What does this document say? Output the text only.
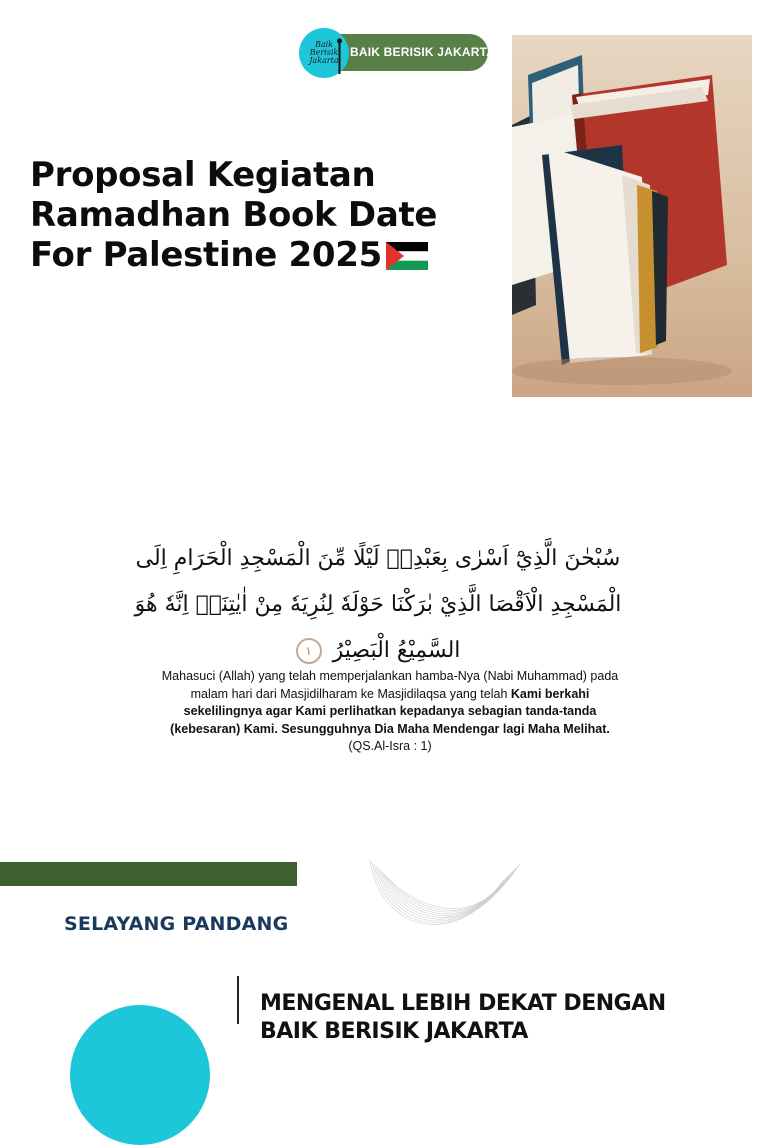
Baik Berisik Jakarta
BAIK BERISIK JAKARTA
Proposal Kegiatan Ramadhan Book Date For Palestine 2025

سُبْحٰنَ الَّذِيْٓ اَسْرٰى بِعَبْدِهٖ لَيْلًا مِّنَ الْمَسْجِدِ الْحَرَامِ اِلَى الْمَسْجِدِ الْاَقْصَا الَّذِيْ بٰرَكْنَا حَوْلَهٗ لِنُرِيَهٗ مِنْ اٰيٰتِنَاۗ اِنَّهٗ هُوَ السَّمِيْعُ الْبَصِيْرُ ١

Mahasuci (Allah) yang telah memperjalankan hamba-Nya (Nabi Muhammad) pada malam hari dari Masjidilharam ke Masjidilaqsa yang telah Kami berkahi sekelilingnya agar Kami perlihatkan kepadanya sebagian tanda-tanda (kebesaran) Kami. Sesungguhnya Dia Maha Mendengar lagi Maha Melihat.
(QS.Al-Isra : 1)

SELAYANG PANDANG
MENGENAL LEBIH DEKAT DENGAN BAIK BERISIK JAKARTA
